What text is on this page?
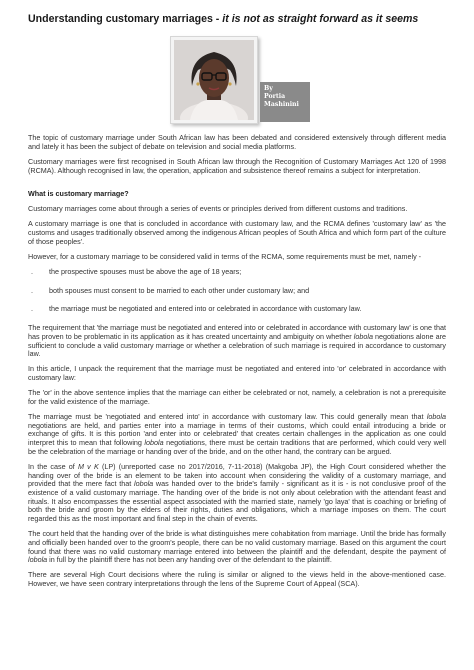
Understanding customary marriages - it is not as straight forward as it seems
By
Portia
Mashinini

The topic of customary marriage under South African law has been debated and considered extensively through different media and lately it has been the subject of debate on television and social media platforms.

Customary marriages were first recognised in South African law through the Recognition of Customary Marriages Act 120 of 1998 (RCMA). Although recognised in law, the operation, application and subsistence thereof remains a subject for interpretation.

What is customary marriage?

Customary marriages come about through a series of events or principles derived from different customs and traditions.

A customary marriage is one that is concluded in accordance with customary law, and the RCMA defines 'customary law' as 'the customs and usages traditionally observed among the indigenous African peoples of South Africa and which form part of the culture of those peoples'.

However, for a customary marriage to be considered valid in terms of the RCMA, some requirements must be met, namely -

. the prospective spouses must be above the age of 18 years;
. both spouses must consent to be married to each other under customary law; and
. the marriage must be negotiated and entered into or celebrated in accordance with customary law.

The requirement that 'the marriage must be negotiated and entered into or celebrated in accordance with customary law' is one that has proven to be problematic in its application as it has created uncertainty and ambiguity on whether lobola negotiations alone are sufficient to conclude a valid customary marriage or whether a celebration of such marriage is required in accordance to customary law.

In this article, I unpack the requirement that the marriage must be negotiated and entered into 'or' celebrated in accordance with customary law:

The 'or' in the above sentence implies that the marriage can either be celebrated or not, namely, a celebration is not a prerequisite for the valid existence of the marriage.

The marriage must be 'negotiated and entered into' in accordance with customary law. This could generally mean that lobola negotiations are held, and parties enter into a marriage in terms of their customs, which could entail introducing a bride or exchange of gifts. It is this portion 'and enter into or celebrated' that creates certain challenges in the application as one could interpret this to mean that following lobola negotiations, there must be certain traditions that are performed, which could very well be the celebration of the marriage or handing over of the bride, and on the other hand, the contrary can be argued.

In the case of M v K (LP) (unreported case no 2017/2016, 7-11-2018) (Makgoba JP), the High Court considered whether the handing over of the bride is an element to be taken into account when considering the validity of a customary marriage, and provided that the mere fact that lobola was handed over to the bride's family - significant as it is - is not conclusive proof of the existence of a valid customary marriage. The handing over of the bride is not only about celebration with the attendant feast and rituals. It also encompasses the essential aspect associated with the married state, namely 'go laya' that is coaching or briefing of both the bride and groom by the elders of their rights, duties and obligations, which a marriage imposes on them. The court regarded this as the most important and final step in the chain of events.

The court held that the handing over of the bride is what distinguishes mere cohabitation from marriage. Until the bride has formally and officially been handed over to the groom's people, there can be no valid customary marriage. Based on this argument the court found that there was no valid customary marriage entered into between the plaintiff and the defendant, despite the payment of lobola in full by the plaintiff there has not been any handing over of the defendant to the plaintiff.

There are several High Court decisions where the ruling is similar or aligned to the views held in the above-mentioned case. However, we have seen contrary interpretations through the lens of the Supreme Court of Appeal (SCA).
